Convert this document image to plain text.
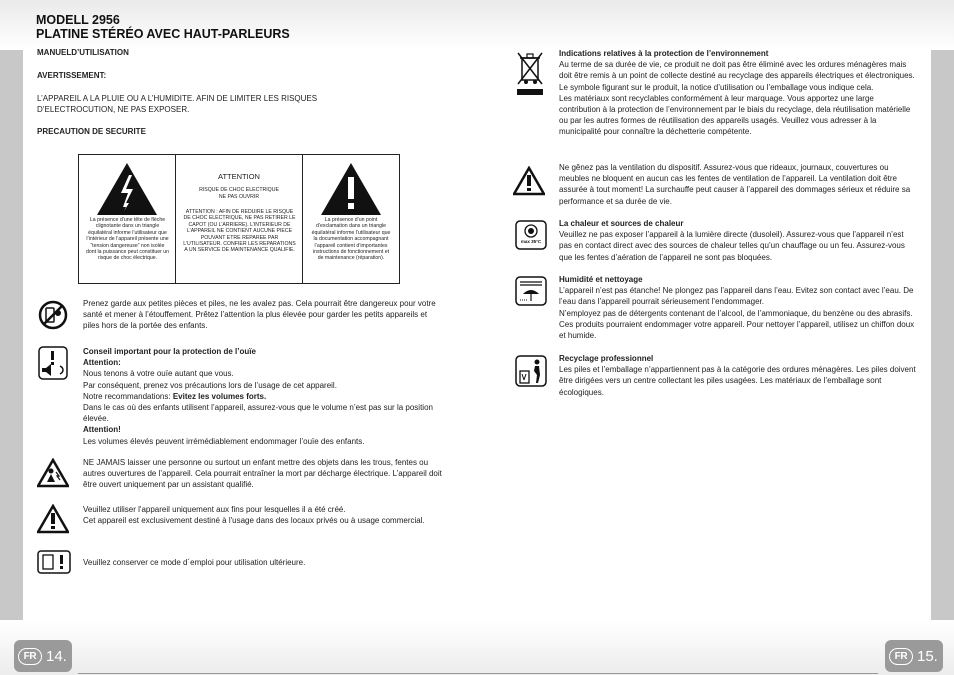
MODELL 2956
PLATINE STÉRÉO AVEC HAUT-PARLEURS
MANUELD’UTILISATION
AVERTISSEMENT:
L’APPAREIL A LA PLUIE OU A L’HUMIDITE. AFIN DE LIMITER LES RISQUES
D’ELECTROCUTION, NE PAS EXPOSER.
PRECAUTION DE SECURITE
La présence d’une tête de flèche clignotante dans un triangle équilatéral informe l’utilisateur que l’intérieur de l’appareil présente une “tension dangereuse” non isolée dont la puissance peut constituer un risque de choc électrique.
ATTENTION
RISQUE DE CHOC ELECTRIQUE
NE PAS OUVRIR
ATTENTION : AFIN DE REDUIRE LE RISQUE DE CHOC ELECTRIQUE, NE PAS RETIRER LE CAPOT (OU L’ARRIERE). L’INTERIEUR DE L’APPAREIL NE CONTIENT AUCUNE PIECE POUVANT ETRE REPAREE PAR L’UTILISATEUR. CONFIER LES REPARATIONS A UN SERVICE DE MAINTENANCE QUALIFIE.
La présence d’un point d’exclamation dans un triangle équilatéral informe l’utilisateur que la documentation accompagnant l’appareil contient d’importantes instructions de fonctionnement et de maintenance (réparation).
Prenez garde aux petites pièces et piles, ne les avalez pas. Cela pourrait être dangereux pour votre santé et mener à l’étouffement. Prêtez l’attention la plus élevée pour garder les petits appareils et piles hors de la portée des enfants.
Conseil important pour la protection de l’ouïe
Attention:
Nous tenons à votre ouïe autant que vous.
Par conséquent, prenez vos précautions lors de l’usage de cet appareil.
Notre recommandations: Evitez les volumes forts.
Dans le cas où des enfants utilisent l’appareil, assurez-vous que le volume n’est pas sur la position élevée.
Attention!
Les volumes élevés peuvent irrémédiablement endommager l’ouïe des enfants.
NE JAMAIS laisser une personne ou surtout un enfant mettre des objets dans les trous, fentes ou autres ouvertures de l’appareil. Cela pourrait entraîner la mort par décharge électrique. L’appareil doit être ouvert uniquement par un assistant qualifié.
Veuillez utiliser l'appareil uniquement aux fins pour lesquelles il a été créé.
Cet appareil est exclusivement destiné à l'usage dans des locaux privés ou à usage commercial.
Veuillez conserver ce mode d´emploi pour utilisation ultérieure.
Indications relatives à la protection de l’environnement
Au terme de sa durée de vie, ce produit ne doit pas être éliminé avec les ordures ménagères mais doit être remis à un point de collecte destiné au recyclage des appareils électriques et électroniques. Le symbole figurant sur le produit, la notice d’utilisation ou l’emballage vous indique cela.
Les matériaux sont recyclables conformément à leur marquage. Vous apportez une large contribution à la protection de l’environnement par le biais du recyclage, dela réutilisation matérielle ou par les autres formes de réutilisation des appareils usagés. Veuillez vous adresser à la municipalité pour connaître la déchetterie compétente.
Ne gênez pas la ventilation du dispositif. Assurez-vous que rideaux, journaux, couvertures ou meubles ne bloquent en aucun cas les fentes de ventilation de l’appareil. La ventilation doit être assurée à tout moment! La surchauffe peut causer à l’appareil des dommages sérieux et réduire sa performance et sa durée de vie.
max 35°C
La chaleur et sources de chaleur
Veuillez ne pas exposer l’appareil à la lumière directe (dusoleil). Assurez-vous que l’appareil n’est pas en contact direct avec des sources de chaleur telles qu’un chauffage ou un feu. Assurez-vous que les fentes d’aération de l’appareil ne sont pas bloquées.
Humidité et nettoyage
L’appareil n’est pas étanche! Ne plongez pas l’appareil dans l’eau. Evitez son contact avec l’eau. De l’eau dans l’appareil pourrait sérieusement l’endommager.
N’employez pas de détergents contenant de l’alcool, de l’ammoniaque, du benzène ou des abrasifs. Ces produits pourraient endommager votre appareil. Pour nettoyer l’appareil, utilisez un chiffon doux et humide.
Recyclage professionnel
Les piles et l’emballage n’appartiennent pas à la catégorie des ordures ménagères. Les piles doivent être dirigées vers un centre collectant les piles usagées. Les matériaux de l’emballage sont écologiques.
FR 14.	FR 15.
